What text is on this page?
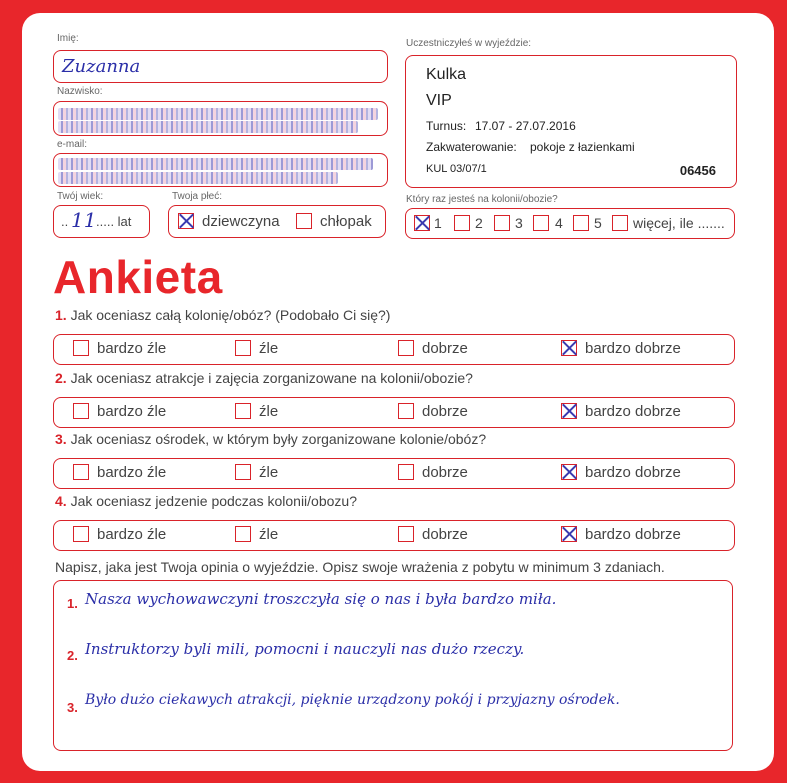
Imię:
Zuzanna
Nazwisko:
e-mail:
Twój wiek:
.. 11 ..... lat
Twoja płeć:
dziewczyna	chłopak
Uczestniczyłeś w wyjeździe:
Kulka
VIP
Turnus: 17.07 - 27.07.2016
Zakwaterowanie: pokoje z łazienkami
KUL 03/07/1	06456
Który raz jesteś na kolonii/obozie?
1 2 3 4 5 więcej, ile .......
Ankieta
1. Jak oceniasz całą kolonię/obóz? (Podobało Ci się?)
bardzo źle	źle	dobrze	bardzo dobrze
2. Jak oceniasz atrakcje i zajęcia zorganizowane na kolonii/obozie?
bardzo źle	źle	dobrze	bardzo dobrze
3. Jak oceniasz ośrodek, w którym były zorganizowane kolonie/obóz?
bardzo źle	źle	dobrze	bardzo dobrze
4. Jak oceniasz jedzenie podczas kolonii/obozu?
bardzo źle	źle	dobrze	bardzo dobrze
Napisz, jaka jest Twoja opinia o wyjeździe. Opisz swoje wrażenia z pobytu w minimum 3 zdaniach.
1. Nasza wychowawczyni troszczyła się o nas i była bardzo miła.
2. Instruktorzy byli mili, pomocni i nauczyli nas dużo rzeczy.
3. Było dużo ciekawych atrakcji, pięknie urządzony pokój i przyjazny ośrodek.
